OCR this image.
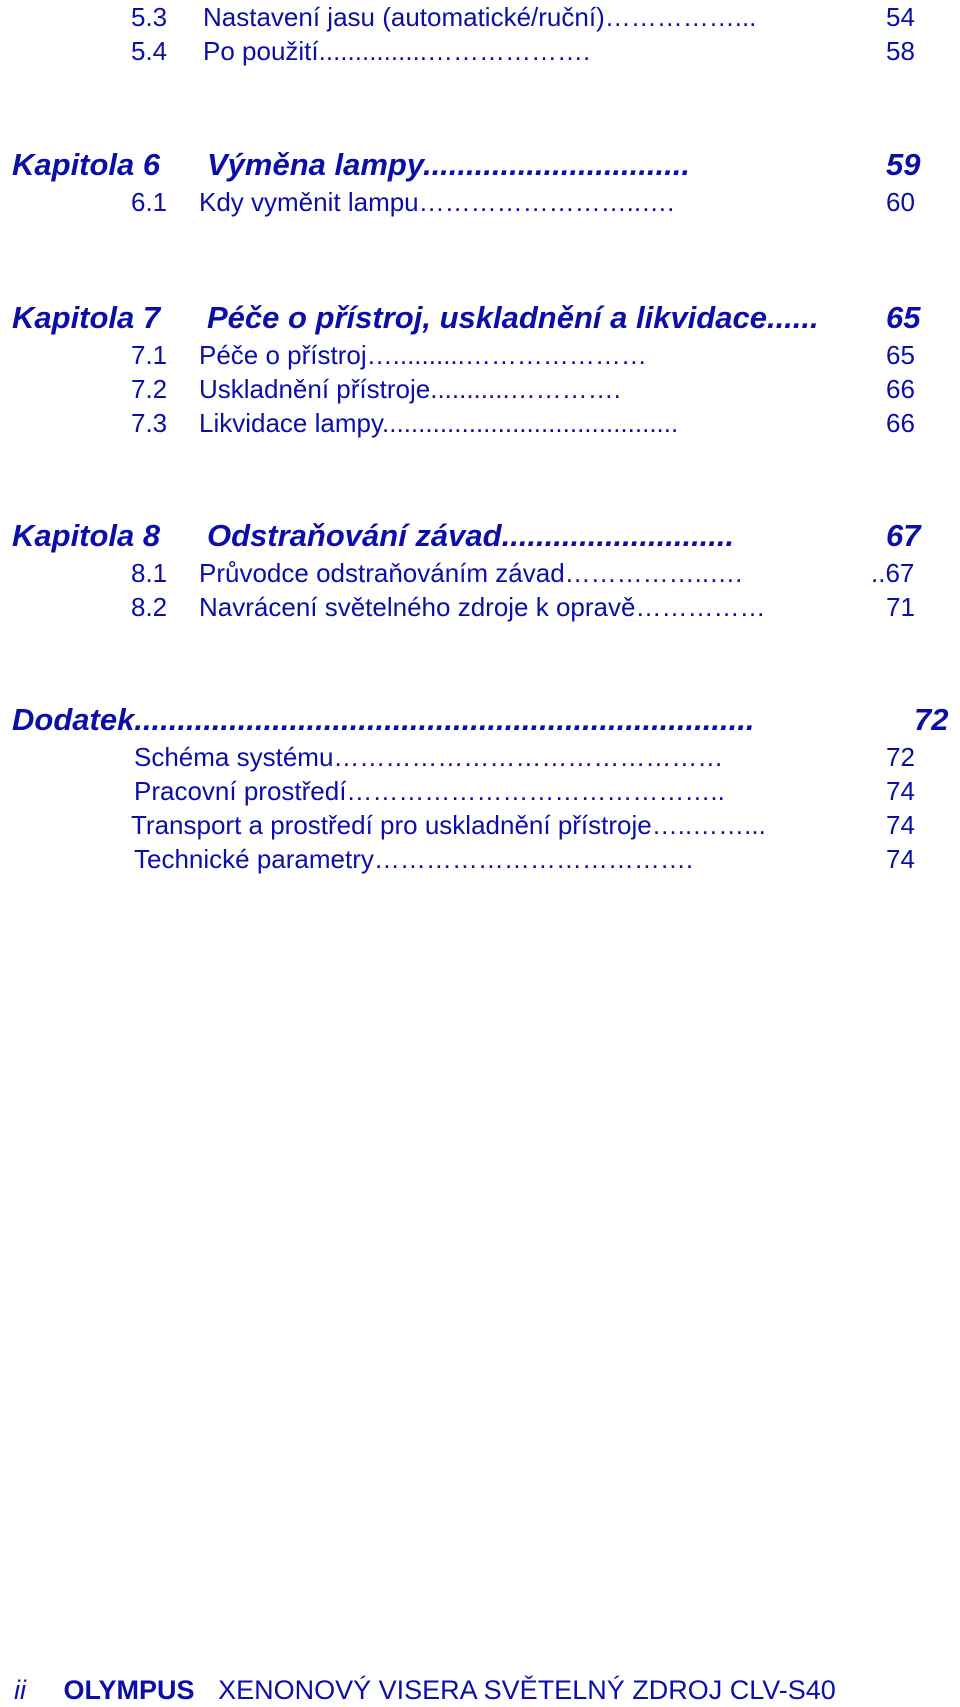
5.3 Nastavení jasu (automatické/ruční)……………...	54
5.4 Po použití...............……………….	58
Kapitola 6 Výměna lampy...............................	59
6.1 Kdy vyměnit lampu……………………..….	60
Kapitola 7 Péče o přístroj, uskladnění a likvidace...... 65
7.1 Péče o přístroj…..........…………………	65
7.2 Uskladnění přístroje...........………….	66
7.3 Likvidace lampy.........................................	66
Kapitola 8 Odstraňování závad...........................	67
8.1 Průvodce odstraňováním závad……………..….	..67
8.2 Navrácení světelného zdroje k opravě……………	71
Dodatek........................................................................	72
Schéma systému………………………………………	72
Pracovní prostředí……………………………………..	74
Transport a prostředí pro uskladnění přístroje…..……...	74
Technické parametry……………………………….	74
ii OLYMPUS XENONOVÝ VISERA SVĚTELNÝ ZDROJ CLV-S40
